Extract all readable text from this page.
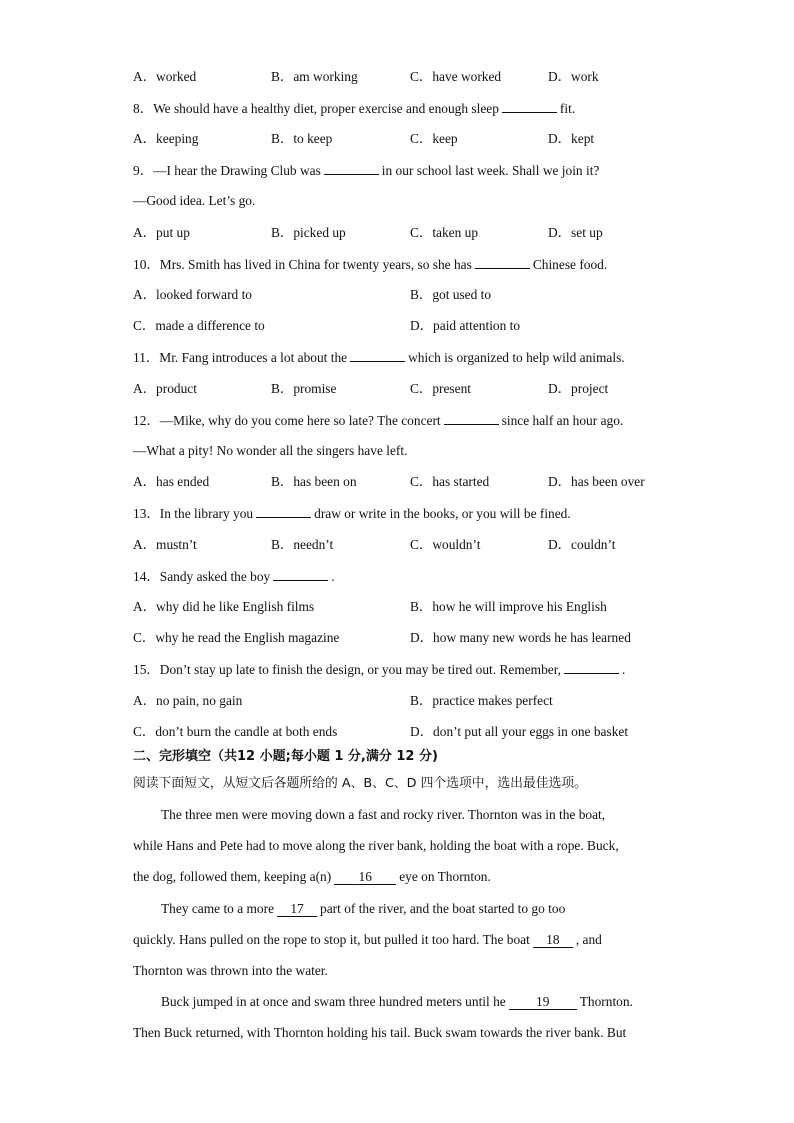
A．worked	B．am working	C．have worked	D．work
8．We should have a healthy diet, proper exercise and enough sleep	fit.
A．keeping	B．to keep	C．keep	D．kept
9．—I hear the Drawing Club was	in our school last week. Shall we join it?
—Good idea. Let’s go.
A．put up	B．picked up	C．taken up	D．set up
10．Mrs. Smith has lived in China for twenty years, so she has	Chinese food.
A．looked forward to	B．got used to
C．made a difference to	D．paid attention to
11．Mr. Fang introduces a lot about the	which is organized to help wild animals.
A．product	B．promise	C．present	D．project
12．—Mike, why do you come here so late? The concert	since half an hour ago.
—What a pity! No wonder all the singers have left.
A．has ended	B．has been on	C．has started	D．has been over
13．In the library you	draw or write in the books, or you will be fined.
A．mustn’t	B．needn’t	C．wouldn’t	D．couldn’t
14．Sandy asked the boy	.
A．why did he like English films	B．how he will improve his English
C．why he read the English magazine	D．how many new words he has learned
15．Don’t stay up late to finish the design, or you may be tired out. Remember,	.
A．no pain, no gain	B．practice makes perfect
C．don’t burn the candle at both ends	D．don’t put all your eggs in one basket
二、完形填空（共12 小题;每小题 1 分,满分 12 分)
阅读下面短文，从短文后各题所给的 A、B、C、D 四个选项中，选出最佳选项。
The three men were moving down a fast and rocky river. Thornton was in the boat,
while Hans and Pete had to move along the river bank, holding the boat with a rope. Buck,
the dog, followed them, keeping a(n) 16 eye on Thornton.
They came to a more 17 part of the river, and the boat started to go too
quickly. Hans pulled on the rope to stop it, but pulled it too hard. The boat 18 , and
Thornton was thrown into the water.
Buck jumped in at once and swam three hundred meters until he 19 Thornton.
Then Buck returned, with Thornton holding his tail. Buck swam towards the river bank. But
